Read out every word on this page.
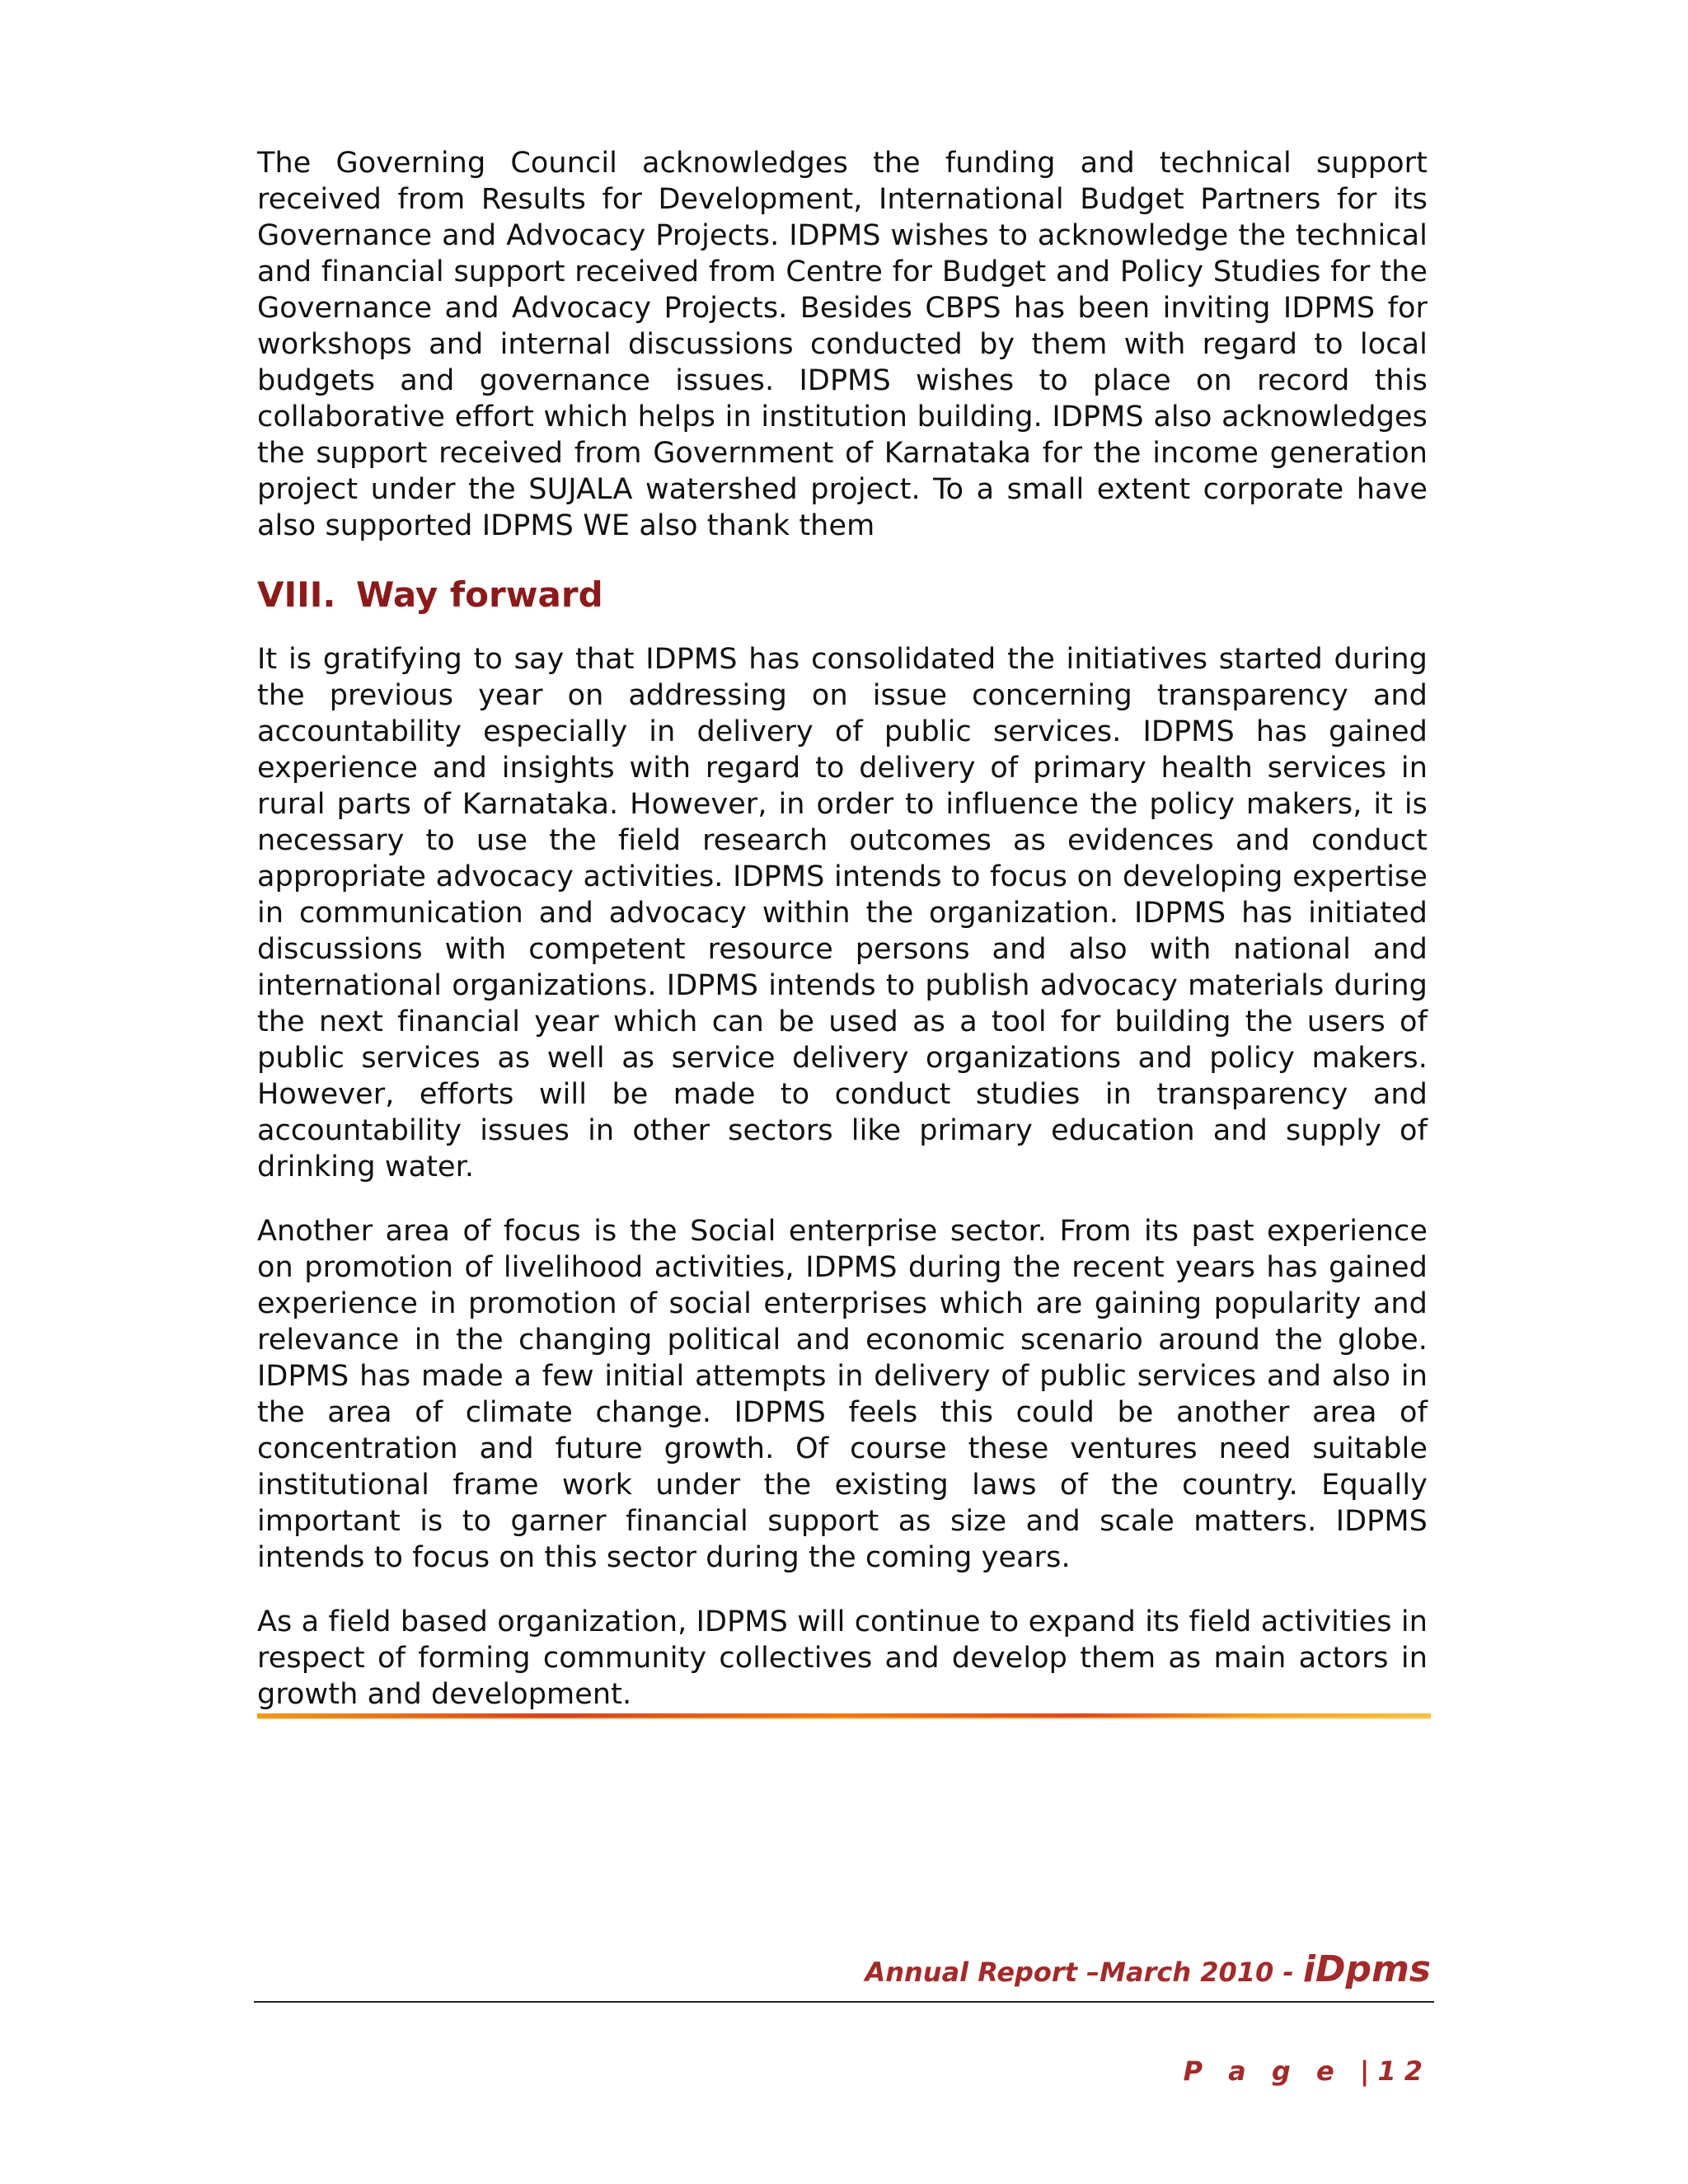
The Governing Council acknowledges the funding and technical support received from Results for Development, International Budget Partners for its Governance and Advocacy Projects. IDPMS wishes to acknowledge the technical and financial support received from Centre for Budget and Policy Studies for the Governance and Advocacy Projects. Besides CBPS has been inviting IDPMS for workshops and internal discussions conducted by them with regard to local budgets and governance issues. IDPMS wishes to place on record this collaborative effort which helps in institution building. IDPMS also acknowledges the support received from Government of Karnataka for the income generation project under the SUJALA watershed project. To a small extent corporate have also supported IDPMS WE also thank them

VIII. Way forward

It is gratifying to say that IDPMS has consolidated the initiatives started during the previous year on addressing on issue concerning transparency and accountability especially in delivery of public services. IDPMS has gained experience and insights with regard to delivery of primary health services in rural parts of Karnataka. However, in order to influence the policy makers, it is necessary to use the field research outcomes as evidences and conduct appropriate advocacy activities. IDPMS intends to focus on developing expertise in communication and advocacy within the organization. IDPMS has initiated discussions with competent resource persons and also with national and international organizations. IDPMS intends to publish advocacy materials during the next financial year which can be used as a tool for building the users of public services as well as service delivery organizations and policy makers. However, efforts will be made to conduct studies in transparency and accountability issues in other sectors like primary education and supply of drinking water.

Another area of focus is the Social enterprise sector. From its past experience on promotion of livelihood activities, IDPMS during the recent years has gained experience in promotion of social enterprises which are gaining popularity and relevance in the changing political and economic scenario around the globe. IDPMS has made a few initial attempts in delivery of public services and also in the area of climate change. IDPMS feels this could be another area of concentration and future growth. Of course these ventures need suitable institutional frame work under the existing laws of the country. Equally important is to garner financial support as size and scale matters. IDPMS intends to focus on this sector during the coming years.

As a field based organization, IDPMS will continue to expand its field activities in respect of forming community collectives and develop them as main actors in growth and development.

Annual Report –March 2010 - iDpms
P a g e |12
